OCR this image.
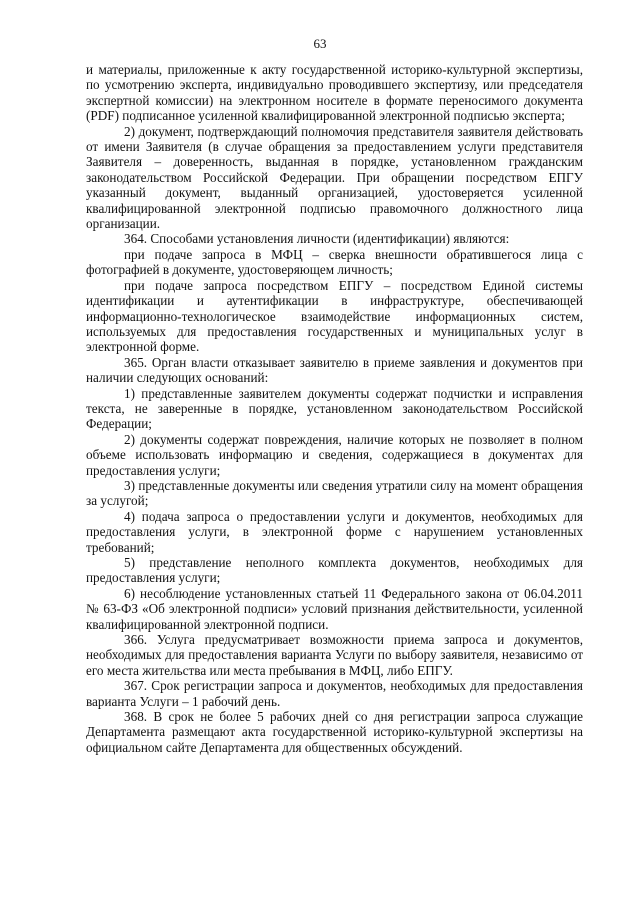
63

и материалы, приложенные к акту государственной историко-культурной экспертизы, по усмотрению эксперта, индивидуально проводившего экспертизу, или председателя экспертной комиссии) на электронном носителе в формате переносимого документа (PDF) подписанное усиленной квалифицированной электронной подписью эксперта;

2) документ, подтверждающий полномочия представителя заявителя действовать от имени Заявителя (в случае обращения за предоставлением услуги представителя Заявителя – доверенность, выданная в порядке, установленном гражданским законодательством Российской Федерации. При обращении посредством ЕПГУ указанный документ, выданный организацией, удостоверяется усиленной квалифицированной электронной подписью правомочного должностного лица организации.

364. Способами установления личности (идентификации) являются:

при подаче запроса в МФЦ – сверка внешности обратившегося лица с фотографией в документе, удостоверяющем личность;

при подаче запроса посредством ЕПГУ – посредством Единой системы идентификации и аутентификации в инфраструктуре, обеспечивающей информационно-технологическое взаимодействие информационных систем, используемых для предоставления государственных и муниципальных услуг в электронной форме.

365. Орган власти отказывает заявителю в приеме заявления и документов при наличии следующих оснований:

1) представленные заявителем документы содержат подчистки и исправления текста, не заверенные в порядке, установленном законодательством Российской Федерации;

2) документы содержат повреждения, наличие которых не позволяет в полном объеме использовать информацию и сведения, содержащиеся в документах для предоставления услуги;

3) представленные документы или сведения утратили силу на момент обращения за услугой;

4) подача запроса о предоставлении услуги и документов, необходимых для предоставления услуги, в электронной форме с нарушением установленных требований;

5) представление неполного комплекта документов, необходимых для предоставления услуги;

6) несоблюдение установленных статьей 11 Федерального закона от 06.04.2011 № 63-ФЗ «Об электронной подписи» условий признания действительности, усиленной квалифицированной электронной подписи.

366. Услуга предусматривает возможности приема запроса и документов, необходимых для предоставления варианта Услуги по выбору заявителя, независимо от его места жительства или места пребывания в МФЦ, либо ЕПГУ.

367. Срок регистрации запроса и документов, необходимых для предоставления варианта Услуги – 1 рабочий день.

368. В срок не более 5 рабочих дней со дня регистрации запроса служащие Департамента размещают акта государственной историко-культурной экспертизы на официальном сайте Департамента для общественных обсуждений.
